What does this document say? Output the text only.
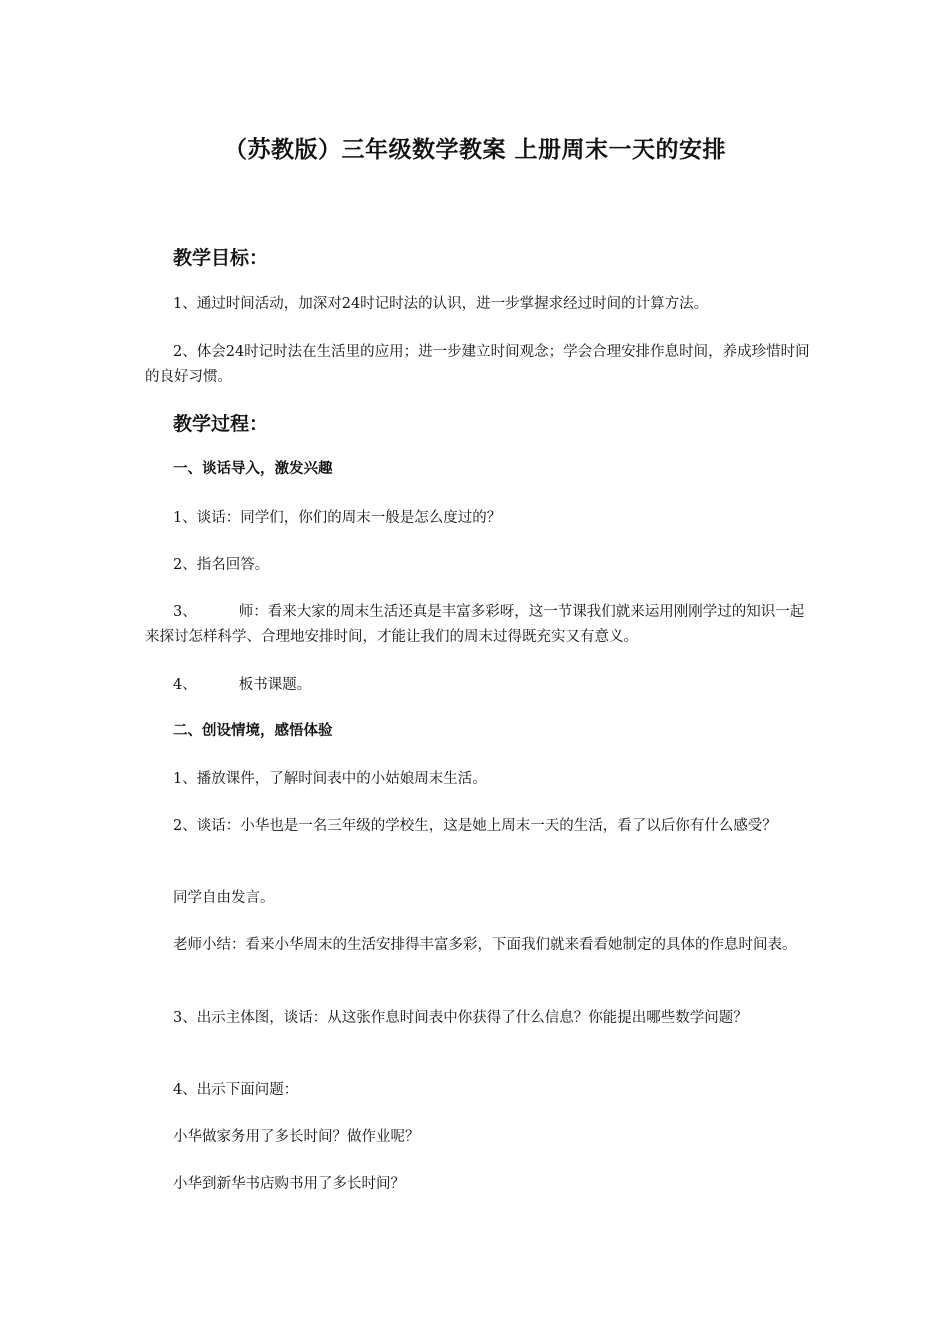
（苏教版）三年级数学教案 上册周末一天的安排
教学目标：
1、通过时间活动，加深对24时记时法的认识，进一步掌握求经过时间的计算方法。
2、体会24时记时法在生活里的应用；进一步建立时间观念；学会合理安排作息时间，养成珍惜时间的良好习惯。
教学过程：
一、谈话导入，激发兴趣
1、谈话：同学们，你们的周末一般是怎么度过的？
2、指名回答。
3、	师：看来大家的周末生活还真是丰富多彩呀，这一节课我们就来运用刚刚学过的知识一起来探讨怎样科学、合理地安排时间，才能让我们的周末过得既充实又有意义。
4、	板书课题。
二、创设情境，感悟体验
1、播放课件，了解时间表中的小姑娘周末生活。
2、谈话：小华也是一名三年级的学校生，这是她上周末一天的生活，看了以后你有什么感受？
同学自由发言。
老师小结：看来小华周末的生活安排得丰富多彩，下面我们就来看看她制定的具体的作息时间表。
3、出示主体图，谈话：从这张作息时间表中你获得了什么信息？你能提出哪些数学问题？
4、出示下面问题：
小华做家务用了多长时间？做作业呢？
小华到新华书店购书用了多长时间？
